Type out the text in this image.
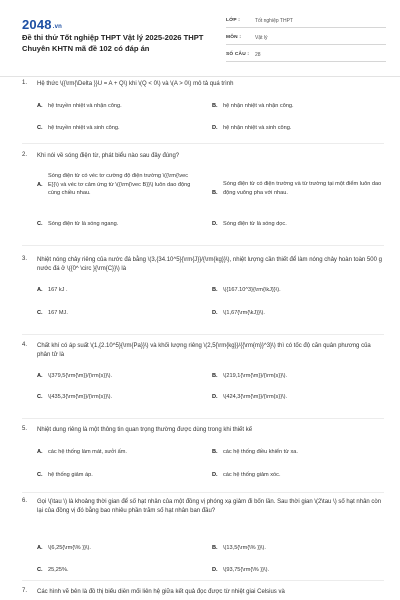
2048.vn
Đề thi thử Tốt nghiệp THPT Vật lý 2025-2026 THPT Chuyên KHTN mã đề 102 có đáp án
LỚP :	Tốt nghiệp THPT
MÔN :	Vật lý
SỐ CÂU :	28
1. Hệ thức \({\rm{\Delta }}U = A + Q\) khi \(Q < 0\) và \(A > 0\) mô tả quá trình
A. hệ truyền nhiệt và nhận công.	B. hệ nhận nhiệt và nhận công.
C. hệ truyền nhiệt và sinh công.	D. hệ nhận nhiệt và sinh công.
2. Khi nói về sóng điện từ, phát biểu nào sau đây đúng?
A.
Sóng điện từ có véc tơ cường độ điện trường \({\rm{\vec E}}\) và véc tơ cảm ứng từ \({\rm{\vec B}}\) luôn dao động cùng chiều nhau.	B.
Sóng điện từ có điện trường và từ trường tại một điểm luôn dao động vuông pha với nhau.
C. Sóng điện từ là sóng ngang.	D. Sóng điện từ là sóng dọc.
3. Nhiệt nóng chảy riêng của nước đá bằng \(3,{34.10^5}{\rm{J}}/{\rm{kg}}\), nhiệt lượng cần thiết để làm nóng chảy hoàn toàn 500 g nước đá ở \({0^ \circ }{\rm{C}}\) là
A. 167 kJ .	B. \({167.10^3}{\rm{\kJ}}\).
C. 167 MJ.	D. \(1,67{\rm{\kJ}}\).
4. Chất khí có áp suất \(1,{2.10^5}{\rm{Pa}}\) và khối lượng riêng \(2,5{\rm{kg}}/{{\rm{m}}^3}\) thì có tốc độ căn quân phương của phân tử là
A. \(379,5{\rm{\m}}/{\rm{s}}\).	B. \(219,1{\rm{\m}}/{\rm{s}}\).
C. \(435,3{\rm{\m}}/{\rm{s}}\).	D. \(424,3{\rm{\m}}/{\rm{s}}\).
5. Nhiệt dung riêng là một thông tin quan trọng thường được dùng trong khi thiết kế
A. các hệ thống làm mát, sưởi ấm.	B. các hệ thống điều khiển từ xa.
C. hệ thống giảm áp.	D. các hệ thống giảm xóc.
6. Gọi \(\tau \) là khoảng thời gian để số hạt nhân của một đồng vị phóng xạ giảm đi bốn lần. Sau thời gian \(2\tau \) số hạt nhân còn lại của đồng vị đó bằng bao nhiêu phần trăm số hạt nhân ban đầu?
A. \(6,25{\rm{\% }}\).	B. \(13,5{\rm{\% }}\).
C. 25,25%.	D. \(93,75{\rm{\% }}\).
7. Các hình vẽ bên là đồ thị biểu diễn mối liên hệ giữa kết quả đọc được từ nhiệt giai Celsius và
